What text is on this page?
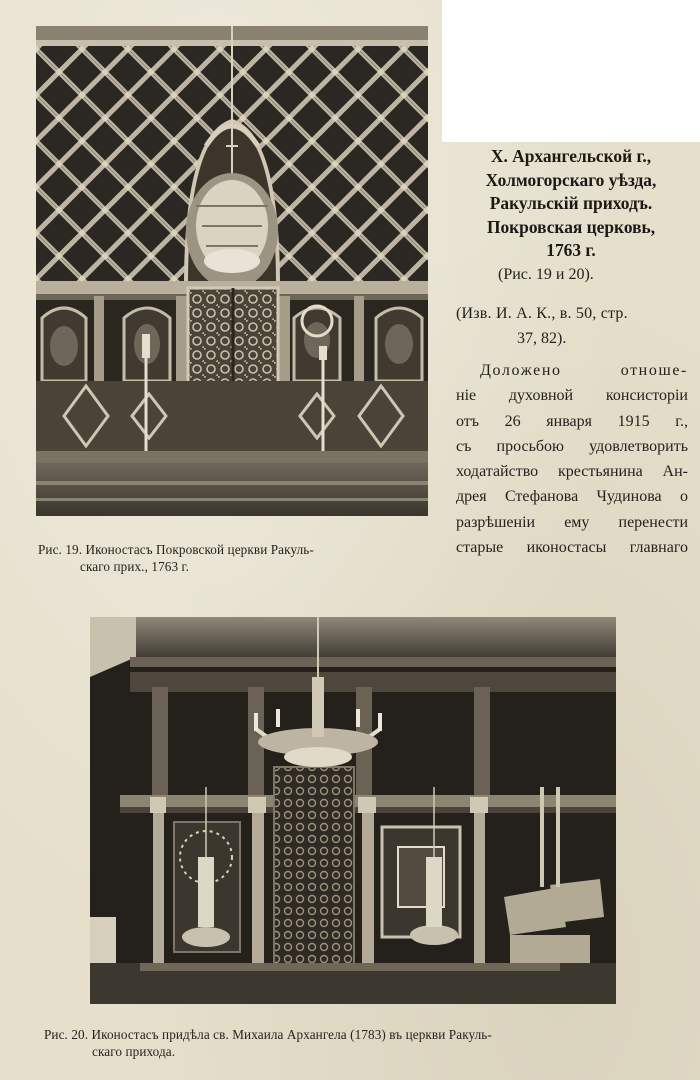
Рис. 19. Иконостасъ Покровской церкви Ракуль-
скаго прих., 1763 г.
X. Архангельской г.,
Холмогорскаго уѣзда,
Ракульскій приходъ.
Покровская церковь,
1763 г.
(Рис. 19 и 20).
(Изв. И. А. К., в. 50, стр.
37, 82).
Доложено отноше-
ніе духовной консисторіи
отъ 26 января 1915 г.,
съ просьбою удовлетворить
ходатайство крестьянина Ан-
дрея Стефанова Чудинова о
разрѣшеніи ему перенести
старые иконостасы главнаго
Рис. 20. Иконостасъ придѣла св. Михаила Архангела (1783) въ церкви Ракуль-
скаго прихода.
